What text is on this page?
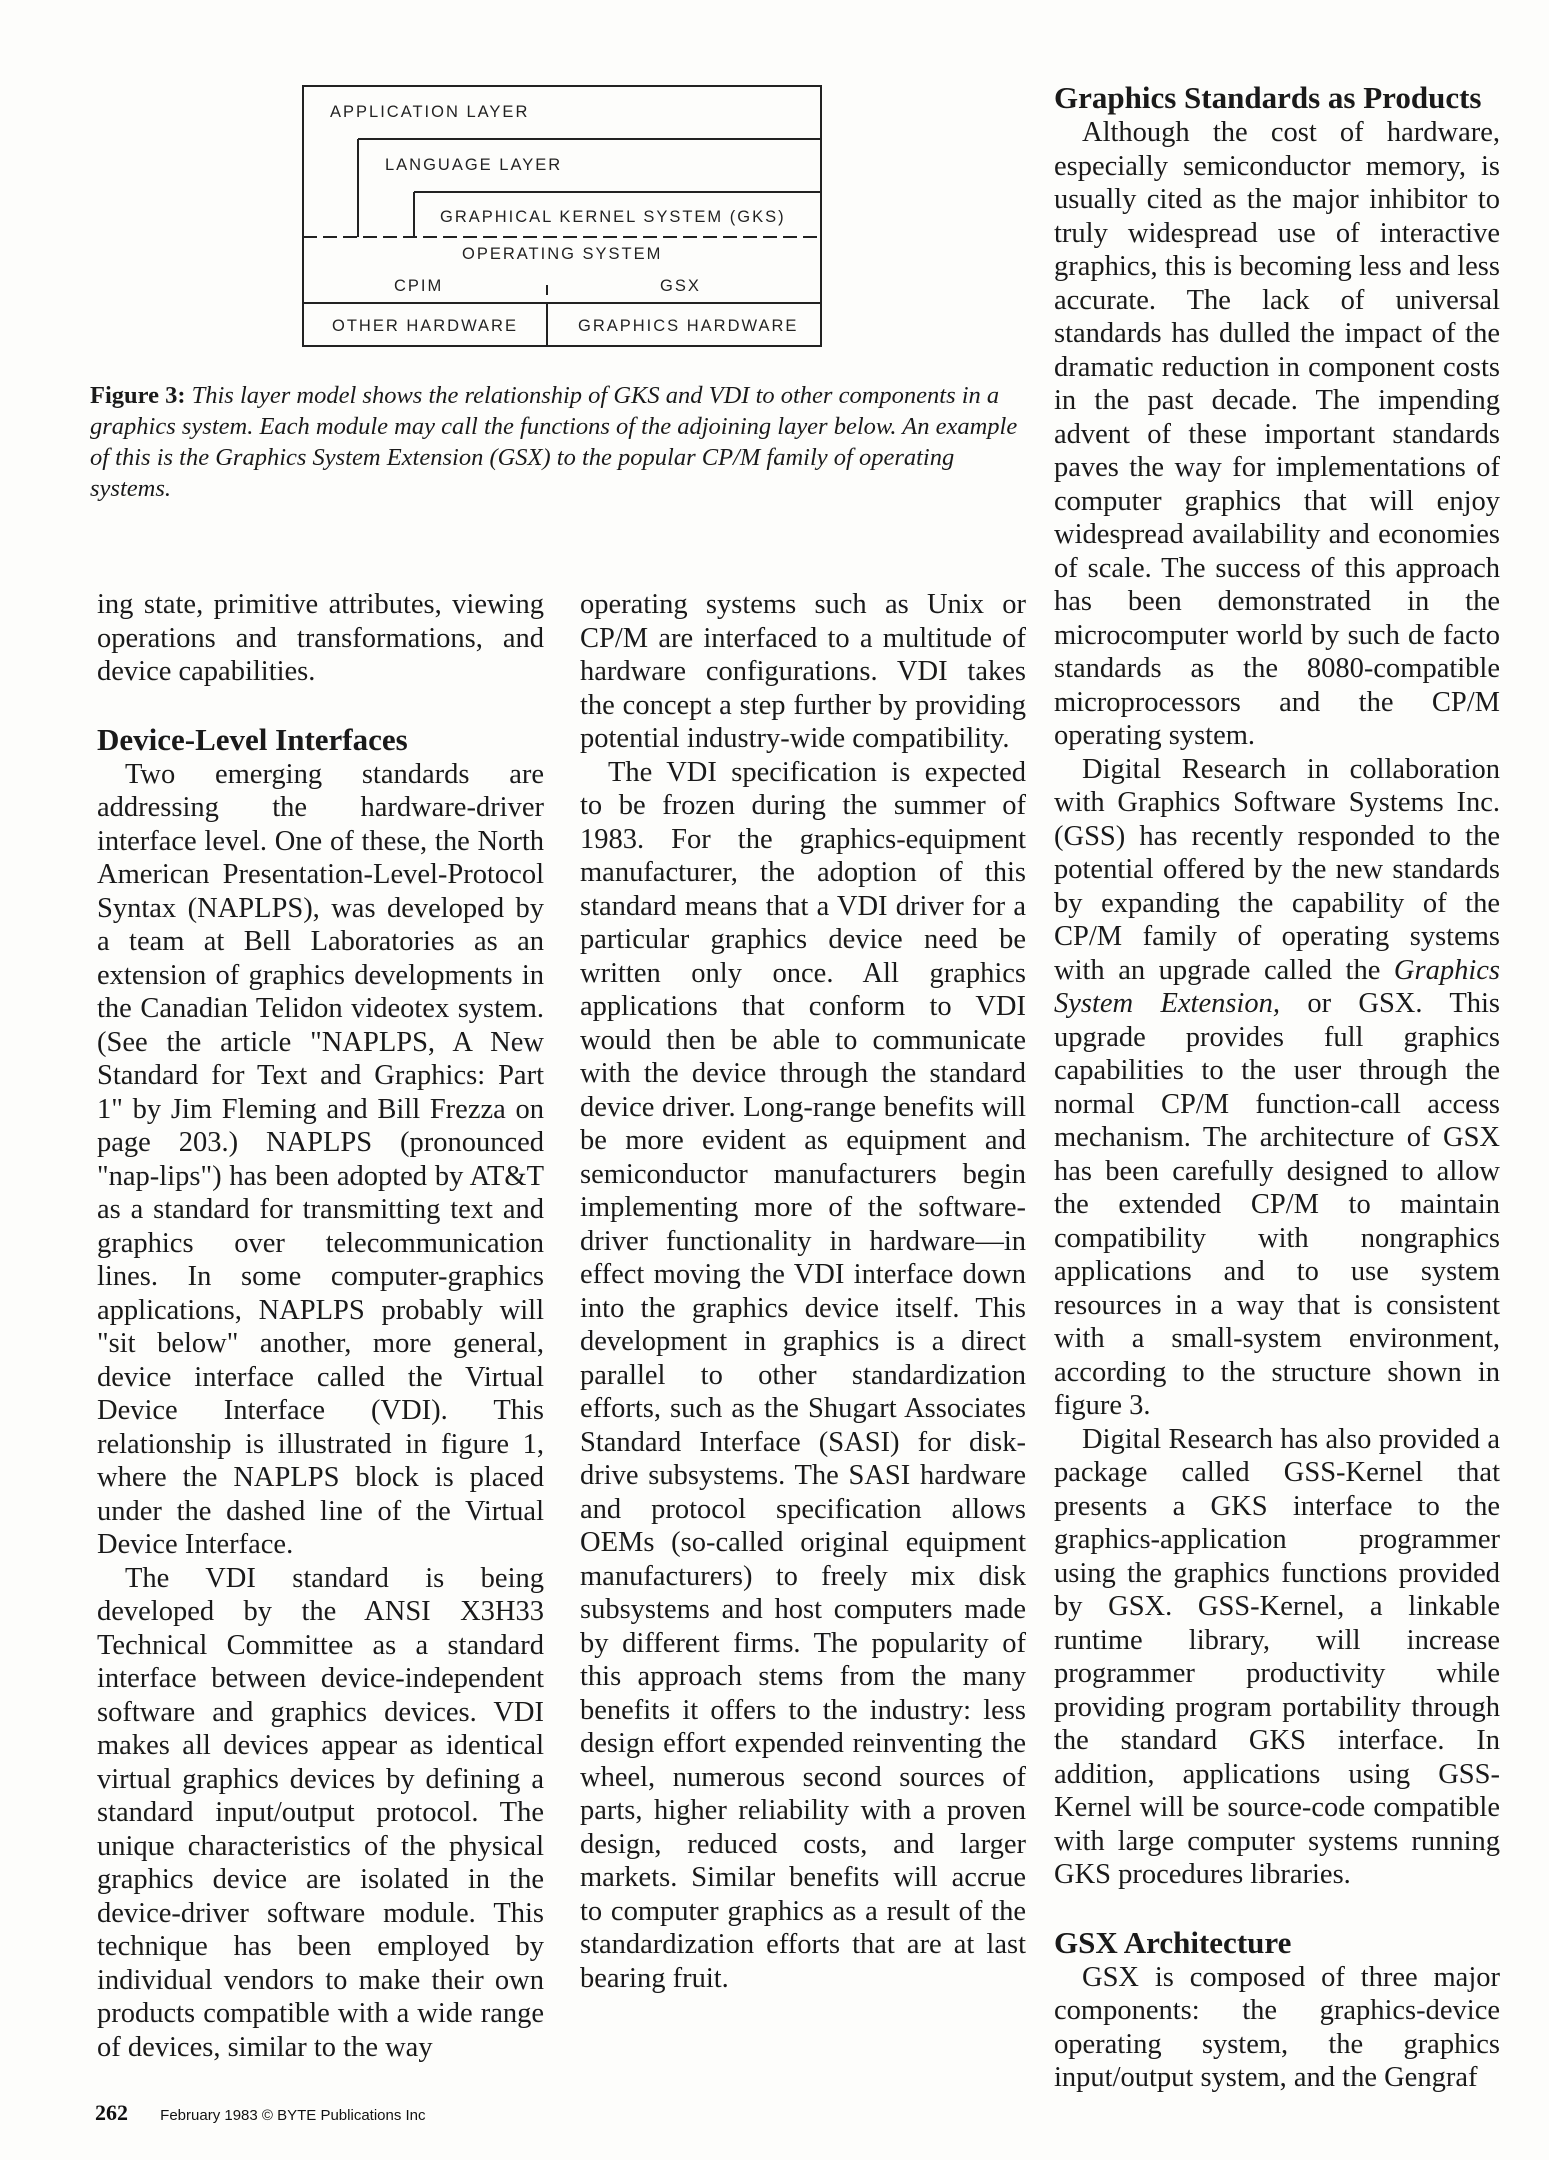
APPLICATION LAYER
LANGUAGE LAYER
GRAPHICAL KERNEL SYSTEM (GKS)
OPERATING SYSTEM
CPIM	GSX
OTHER HARDWARE	GRAPHICS HARDWARE
Figure 3: This layer model shows the relationship of GKS and VDI to other components in a graphics system. Each module may call the functions of the adjoining layer below. An example of this is the Graphics System Extension (GSX) to the popular CP/M family of operating systems.

ing state, primitive attributes, viewing operations and transformations, and device capabilities.

Device-Level Interfaces

Two emerging standards are addressing the hardware-driver interface level. One of these, the North American Presentation-Level-Protocol Syntax (NAPLPS), was developed by a team at Bell Laboratories as an extension of graphics developments in the Canadian Telidon videotex system. (See the article "NAPLPS, A New Standard for Text and Graphics: Part 1" by Jim Fleming and Bill Frezza on page 203.) NAPLPS (pronounced "nap-lips") has been adopted by AT&T as a standard for transmitting text and graphics over telecommunication lines. In some computer-graphics applications, NAPLPS probably will "sit below" another, more general, device interface called the Virtual Device Interface (VDI). This relationship is illustrated in figure 1, where the NAPLPS block is placed under the dashed line of the Virtual Device Interface.

The VDI standard is being developed by the ANSI X3H33 Technical Committee as a standard interface between device-independent software and graphics devices. VDI makes all devices appear as identical virtual graphics devices by defining a standard input/output protocol. The unique characteristics of the physical graphics device are isolated in the device-driver software module. This technique has been employed by individual vendors to make their own products compatible with a wide range of devices, similar to the way

operating systems such as Unix or CP/M are interfaced to a multitude of hardware configurations. VDI takes the concept a step further by providing potential industry-wide compatibility.

The VDI specification is expected to be frozen during the summer of 1983. For the graphics-equipment manufacturer, the adoption of this standard means that a VDI driver for a particular graphics device need be written only once. All graphics applications that conform to VDI would then be able to communicate with the device through the standard device driver. Long-range benefits will be more evident as equipment and semiconductor manufacturers begin implementing more of the software-driver functionality in hardware—in effect moving the VDI interface down into the graphics device itself. This development in graphics is a direct parallel to other standardization efforts, such as the Shugart Associates Standard Interface (SASI) for disk-drive subsystems. The SASI hardware and protocol specification allows OEMs (so-called original equipment manufacturers) to freely mix disk subsystems and host computers made by different firms. The popularity of this approach stems from the many benefits it offers to the industry: less design effort expended reinventing the wheel, numerous second sources of parts, higher reliability with a proven design, reduced costs, and larger markets. Similar benefits will accrue to computer graphics as a result of the standardization efforts that are at last bearing fruit.

Graphics Standards as Products

Although the cost of hardware, especially semiconductor memory, is usually cited as the major inhibitor to truly widespread use of interactive graphics, this is becoming less and less accurate. The lack of universal standards has dulled the impact of the dramatic reduction in component costs in the past decade. The impending advent of these important standards paves the way for implementations of computer graphics that will enjoy widespread availability and economies of scale. The success of this approach has been demonstrated in the microcomputer world by such de facto standards as the 8080-compatible microprocessors and the CP/M operating system.

Digital Research in collaboration with Graphics Software Systems Inc. (GSS) has recently responded to the potential offered by the new standards by expanding the capability of the CP/M family of operating systems with an upgrade called the Graphics System Extension, or GSX. This upgrade provides full graphics capabilities to the user through the normal CP/M function-call access mechanism. The architecture of GSX has been carefully designed to allow the extended CP/M to maintain compatibility with nongraphics applications and to use system resources in a way that is consistent with a small-system environment, according to the structure shown in figure 3.

Digital Research has also provided a package called GSS-Kernel that presents a GKS interface to the graphics-application programmer using the graphics functions provided by GSX. GSS-Kernel, a linkable runtime library, will increase programmer productivity while providing program portability through the standard GKS interface. In addition, applications using GSS-Kernel will be source-code compatible with large computer systems running GKS procedures libraries.

GSX Architecture

GSX is composed of three major components: the graphics-device operating system, the graphics input/output system, and the Gengraf

262 February 1983 © BYTE Publications Inc
